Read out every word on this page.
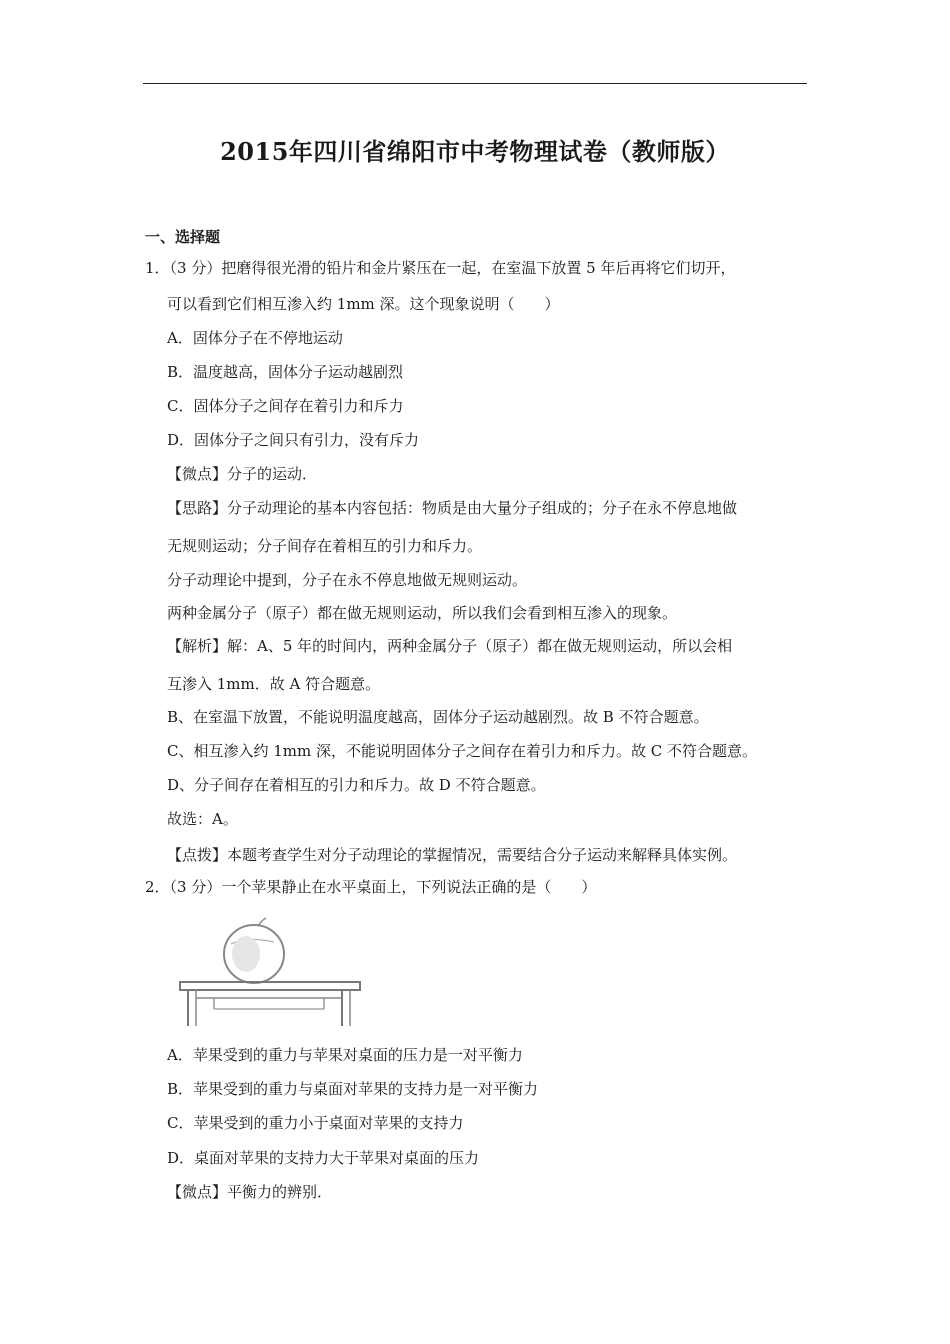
2015年四川省绵阳市中考物理试卷（教师版）
一、选择题
1．（3 分）把磨得很光滑的铅片和金片紧压在一起，在室温下放置 5 年后再将它们切开，
可以看到它们相互渗入约 1mm 深。这个现象说明（　　）
A．固体分子在不停地运动
B．温度越高，固体分子运动越剧烈
C．固体分子之间存在着引力和斥力
D．固体分子之间只有引力，没有斥力
【微点】分子的运动．
【思路】分子动理论的基本内容包括：物质是由大量分子组成的；分子在永不停息地做
无规则运动；分子间存在着相互的引力和斥力。
分子动理论中提到，分子在永不停息地做无规则运动。
两种金属分子（原子）都在做无规则运动，所以我们会看到相互渗入的现象。
【解析】解：A、5 年的时间内，两种金属分子（原子）都在做无规则运动，所以会相
互渗入 1mm．故 A 符合题意。
B、在室温下放置，不能说明温度越高，固体分子运动越剧烈。故 B 不符合题意。
C、相互渗入约 1mm 深，不能说明固体分子之间存在着引力和斥力。故 C 不符合题意。
D、分子间存在着相互的引力和斥力。故 D 不符合题意。
故选：A。
【点拨】本题考查学生对分子动理论的掌握情况，需要结合分子运动来解释具体实例。
2．（3 分）一个苹果静止在水平桌面上，下列说法正确的是（　　）
A．苹果受到的重力与苹果对桌面的压力是一对平衡力
B．苹果受到的重力与桌面对苹果的支持力是一对平衡力
C．苹果受到的重力小于桌面对苹果的支持力
D．桌面对苹果的支持力大于苹果对桌面的压力
【微点】平衡力的辨别．
